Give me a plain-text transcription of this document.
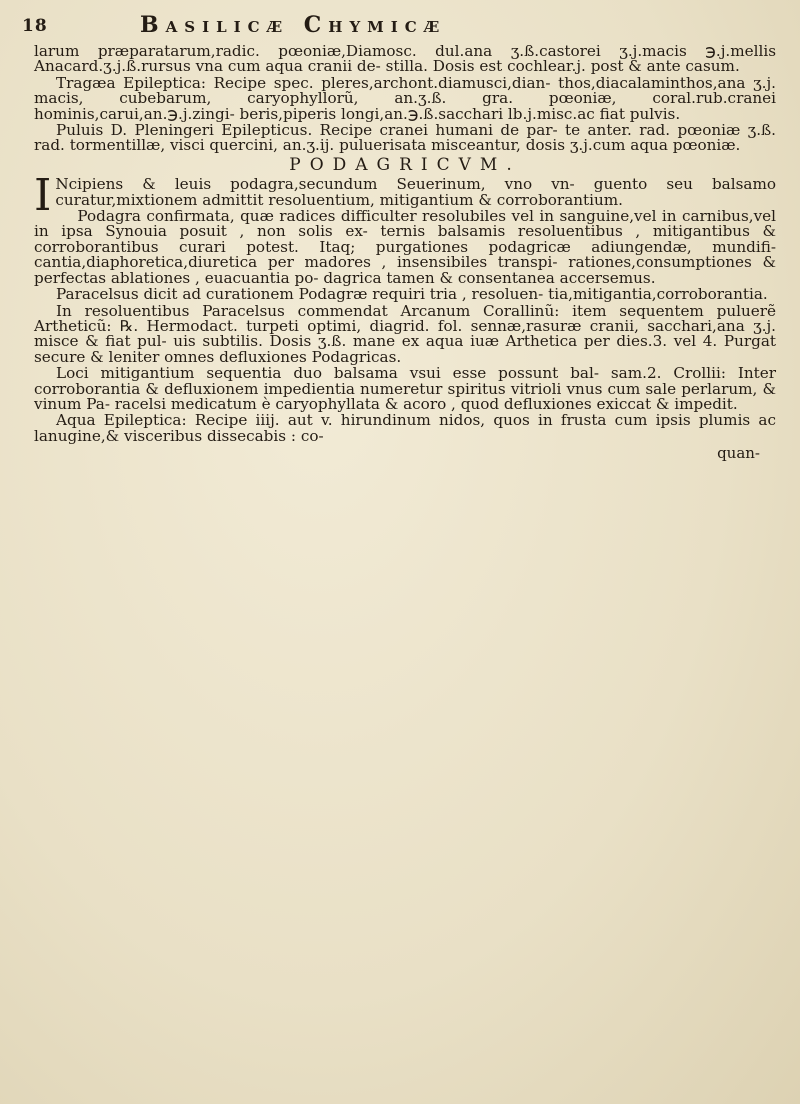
18	Basilicæ Chymicæ

larum præparatarum,radic. pœoniæ,Diamosc. dul.ana ʒ.ß.castorei ʒ.j.macis ℈.j.mellis Anacard.ʒ.j.ß.rursus vna cum aqua cranii de- stilla. Dosis est cochlear.j. post & ante casum.

Tragæa Epileptica: Recipe spec. pleres,archont.diamusci,dian- thos,diacalaminthos,ana ʒ.j. macis, cubebarum, caryophyllorũ, an.ʒ.ß. gra. pœoniæ, coral.rub.cranei hominis,carui,an.℈.j.zingi- beris,piperis longi,an.℈.ß.sacchari lb.j.misc.ac fiat pulvis.

Puluis D. Pleningeri Epilepticus. Recipe cranei humani de par- te anter. rad. pœoniæ ʒ.ß. rad. tormentillæ, visci quercini, an.ʒ.ij. puluerisata misceantur, dosis ʒ.j.cum aqua pœoniæ.

PODAGRICVM.

I Ncipiens & leuis podagra,secundum Seuerinum, vno vn- guento seu balsamo curatur,mixtionem admittit resoluentium, mitigantium & corroborantium.

Podagra confirmata, quæ radices difficulter resolubiles vel in sanguine,vel in carnibus,vel in ipsa Synouia posuit , non solis ex- ternis balsamis resoluentibus , mitigantibus & corroborantibus curari potest. Itaq; purgationes podagricæ adiungendæ, mundifi- cantia,diaphoretica,diuretica per madores , insensibiles transpi- rationes,consumptiones & perfectas ablationes , euacuantia po- dagrica tamen & consentanea accersemus.

Paracelsus dicit ad curationem Podagræ requiri tria , resoluen- tia,mitigantia,corroborantia.

In resoluentibus Paracelsus commendat Arcanum Corallinũ: item sequentem puluerẽ Artheticũ: ℞. Hermodact. turpeti optimi, diagrid. fol. sennæ,rasuræ cranii, sacchari,ana ʒ.j. misce & fiat pul- uis subtilis. Dosis ʒ.ß. mane ex aqua iuæ Arthetica per dies.3. vel 4. Purgat secure & leniter omnes defluxiones Podagricas.

Loci mitigantium sequentia duo balsama vsui esse possunt bal- sam.2. Crollii: Inter corroborantia & defluxionem impedientia numeretur spiritus vitrioli vnus cum sale perlarum, & vinum Pa- racelsi medicatum è caryophyllata & acoro , quod defluxiones exiccat & impedit.

Aqua Epileptica: Recipe iiij. aut v. hirundinum nidos, quos in frusta cum ipsis plumis ac lanugine,& visceribus dissecabis : co-

quan-
